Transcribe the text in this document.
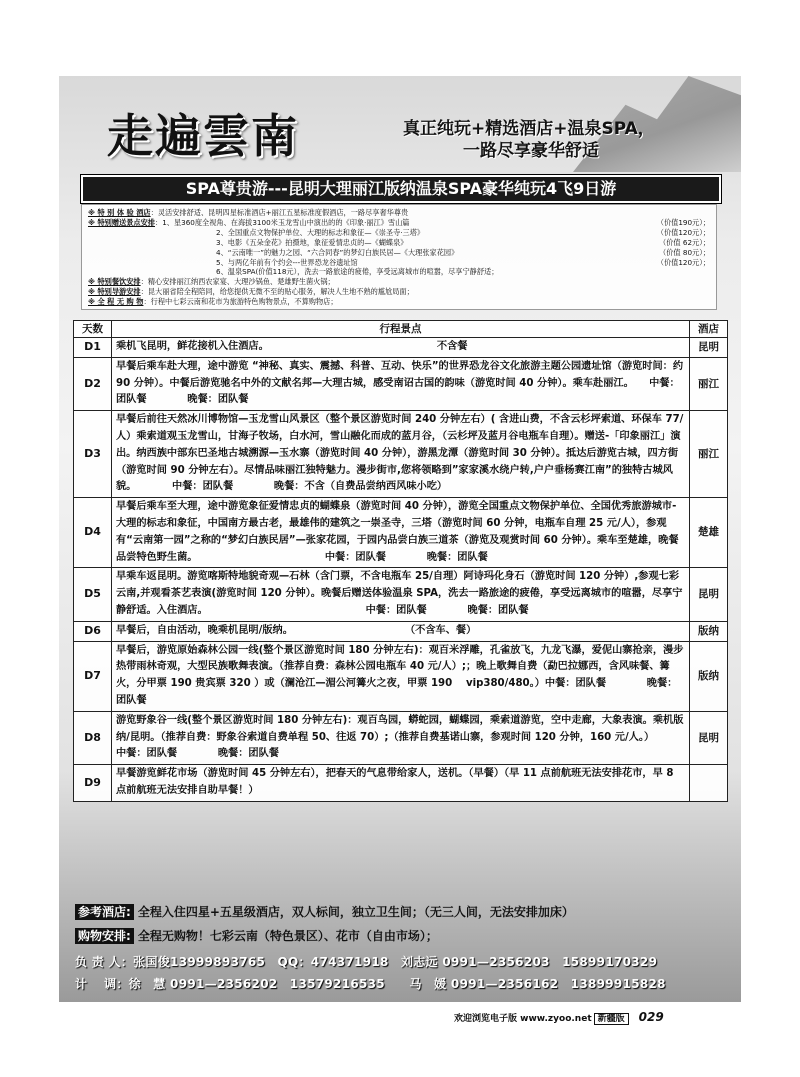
走遍雲南	真正纯玩+精选酒店+温泉SPA，
一路尽享豪华舒适
SPA尊贵游---昆明大理丽江版纳温泉SPA豪华纯玩4飞9日游
※ 特 别 体 验 酒店：灵活安排舒适、昆明四星标准酒店+丽江五星标准度假酒店，一路尽享奢华尊贵
※ 特别赠送景点安排：1、星360度全视角、在海拔3100米玉龙雪山中演出的的《印象·丽江》雪山篇	（价值190元）；
2、全国重点文物保护单位、大理的标志和象征—《崇圣寺·三塔》	（价值120元）；
3、电影《五朵金花》拍摄地，象征爱情忠贞的—《蝴蝶泉》	（价值 62元）；
4、“云南唯一”的魅力之园、“六合同春”的梦幻白族民居—《大理张家花园》	（价值 80元）；
5、与两亿年前有个约会---世界恐龙谷遗址馆	（价值120元）；
6、温泉SPA(价值118元），洗去一路旅途的疲倦，享受远离城市的喧嚣，尽享宁静舒适；
※ 特别餐饮安排：精心安排丽江纳西农家宴、大理沙锅鱼、楚雄野生菌火锅；
※ 特别导游安排：昆大丽省陪全程陪同，给您提供无微不至的贴心服务，解决人生地不熟的尴尬局面；
※ 全 程 无 购 物：行程中七彩云南和花市为旅游特色购物景点，不算购物店；
天数	行程景点	酒店
D1	乘机飞昆明，鲜花接机入住酒店。　　　　　　　　　　　　　　　　　不含餐	昆明
D2	早餐后乘车赴大理，途中游览 “神秘、真实、震撼、科普、互动、快乐”的世界恐龙谷文化旅游主题公园遗址馆（游览时间：约 90 分钟）。中餐后游览驰名中外的文献名邦—大理古城，感受南诏古国的韵味（游览时间 40 分钟）。乘车赴丽江。　　中餐：团队餐　　　　晚餐：团队餐	丽江
D3	早餐后前往天然冰川博物馆—玉龙雪山风景区（整个景区游览时间 240 分钟左右）( 含进山费，不含云杉坪索道、环保车 77/人）乘索道观玉龙雪山，甘海子牧场，白水河，雪山融化而成的蓝月谷，（云杉坪及蓝月谷电瓶车自理）。赠送-「印象丽江」演出。纳西族中部东巴圣地古城溯源—玉水寨（游览时间 40 分钟），游黑龙潭（游览时间 30 分钟）。抵达后游览古城，四方街（游览时间 90 分钟左右）。尽情品味丽江独特魅力。漫步街市,您将领略到”家家溪水绕户转,户户垂杨赛江南”的独特古城风貌。　　　　中餐：团队餐　　　　晚餐：不含（自费品尝纳西风味小吃）	丽江
D4	早餐后乘车至大理，途中游览象征爱情忠贞的蝴蝶泉（游览时间 40 分钟），游览全国重点文物保护单位、全国优秀旅游城市-大理的标志和象征，中国南方最古老，最雄伟的建筑之一崇圣寺，三塔（游览时间 60 分钟，电瓶车自理 25 元/人），参观有“云南第一园”之称的“梦幻白族民居”—张家花园，于园内品尝白族三道茶（游览及观赏时间 60 分钟）。乘车至楚雄，晚餐品尝特色野生菌。　　　　　　　　　　　　　中餐：团队餐　　　　晚餐：团队餐	楚雄
D5	早乘车返昆明。游览喀斯特地貌奇观—石林（含门票，不含电瓶车 25/自理）阿诗玛化身石（游览时间 120 分钟）,参观七彩云南,并观看茶艺表演(游览时间 120 分钟）。晚餐后赠送体验温泉 SPA，洗去一路旅途的疲倦，享受远离城市的喧嚣，尽享宁静舒适。入住酒店。　　　　　　　　　　　　　　　　中餐：团队餐　　　　晚餐：团队餐	昆明
D6	早餐后，自由活动，晚乘机昆明/版纳。　　　　　　　　　　　　（不含车、餐）	版纳
D7	早餐后，游览原始森林公园一线(整个景区游览时间 180 分钟左右)：观百米浮雕，孔雀放飞，九龙飞瀑，爱伲山寨抢亲，漫步热带雨林奇观，大型民族歌舞表演。（推荐自费：森林公园电瓶车 40 元/人）;；晚上歌舞自费（勐巴拉娜西，含风味餐、篝火，分甲票 190 贵宾票 320 ）或（澜沧江—湄公河篝火之夜，甲票 190　 vip380/480。）中餐：团队餐　　　　晚餐：团队餐	版纳
D8	游览野象谷一线(整个景区游览时间 180 分钟左右)：观百鸟园，蟒蛇园，蝴蝶园，乘索道游览，空中走廊，大象表演。乘机版纳/昆明。（推荐自费：野象谷索道自费单程 50、往返 70）;（推荐自费基诺山寨，参观时间 120 分钟，160 元/人。）　　　中餐：团队餐　　　　晚餐：团队餐	昆明
D9	早餐游览鲜花市场（游览时间 45 分钟左右），把春天的气息带给家人，送机。（早餐）（早 11 点前航班无法安排花市，早 8 点前航班无法安排自助早餐！）	
参考酒店: 全程入住四星+五星级酒店，双人标间，独立卫生间；（无三人间，无法安排加床）
购物安排: 全程无购物！七彩云南（特色景区）、花市（自由市场）；
负 责 人：张国俊13999893765　QQ：474371918　刘志远 0991—2356203　15899170329
计　 调：徐　慧 0991—2356202　13579216535　　马　媛 0991—2356162　13899915828
欢迎浏览电子版 www.zyoo.net 新疆版 029
